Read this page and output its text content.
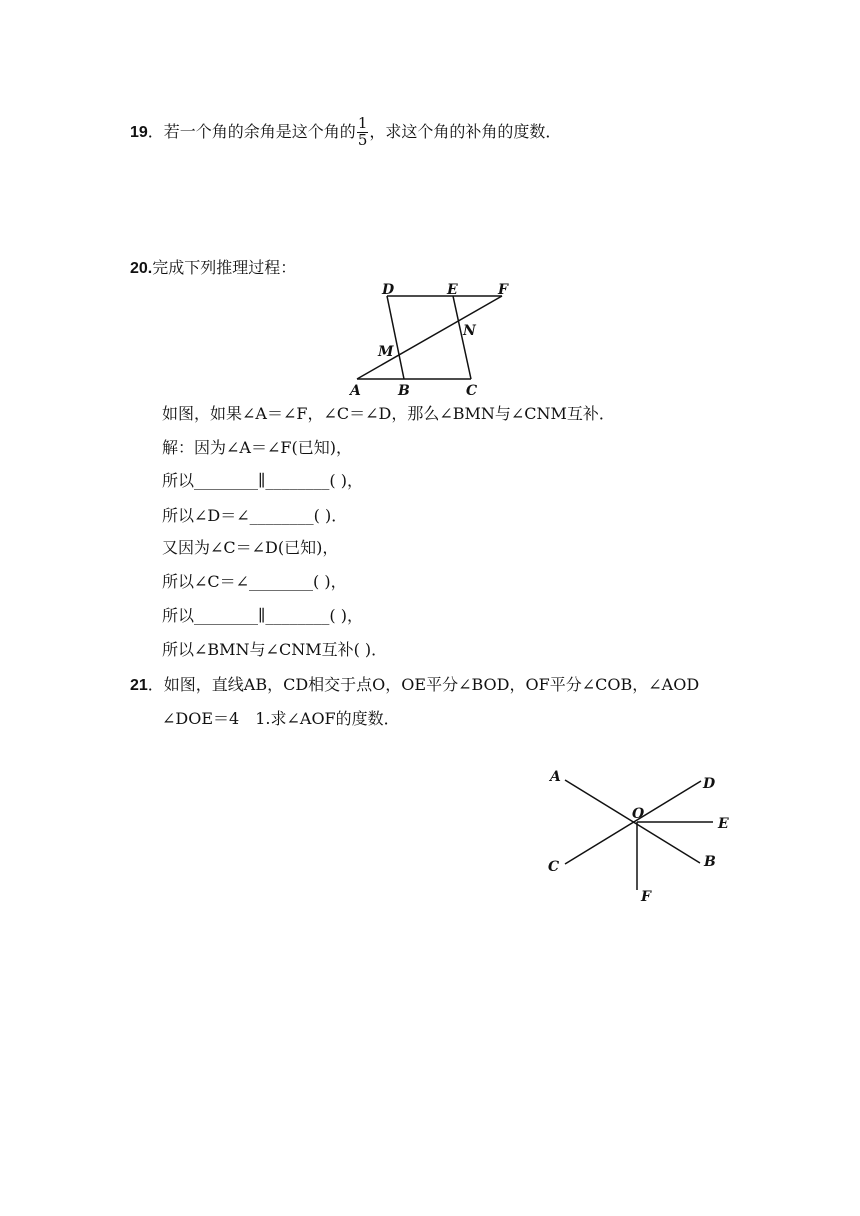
19．若一个角的余角是这个角的 $\frac{1}{5}$ ，求这个角的补角的度数．
20.完成下列推理过程：
D	E	F
N
M
A	B	C
如图，如果∠A＝∠F，∠C＝∠D，那么∠BMN与∠CNM互补．
解：因为∠A＝∠F(已知)，
所以________∥________( )，
所以∠D＝∠________( )．
又因为∠C＝∠D(已知)，
所以∠C＝∠________( )，
所以________∥________( )，
所以∠BMN与∠CNM互补( )．
21．如图，直线AB，CD相交于点O，OE平分∠BOD，OF平分∠COB，∠AOD
∠DOE＝4　1.求∠AOF的度数．
A	D
O
E
C	B
F
